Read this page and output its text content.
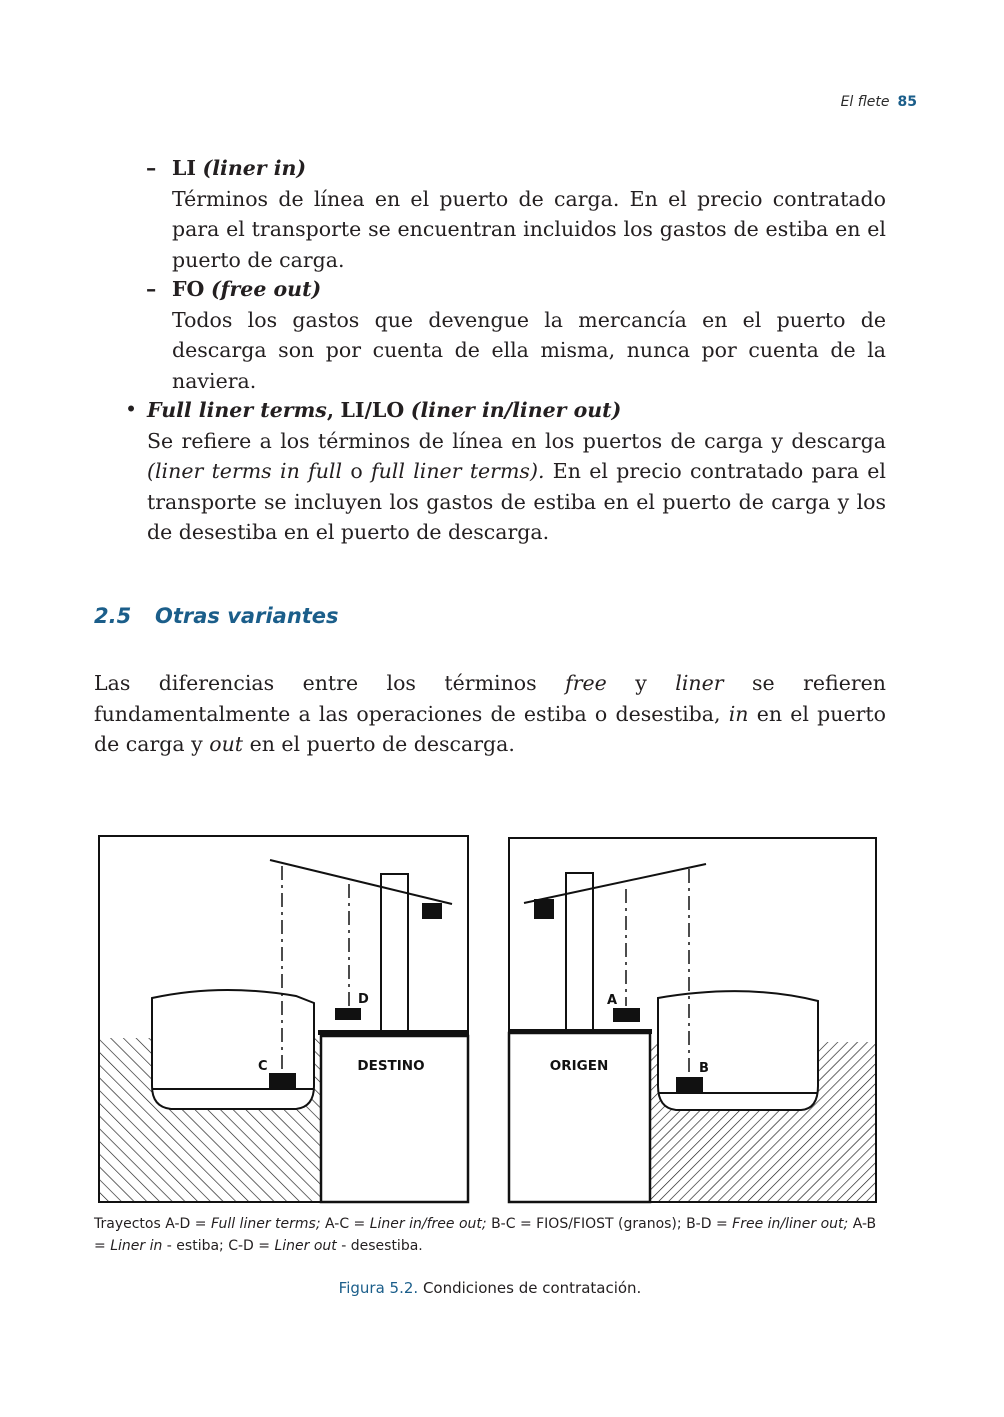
El flete 85
– LI (liner in)
Términos de línea en el puerto de carga. En el precio contratado para el transporte se encuentran incluidos los gastos de estiba en el puerto de carga.
– FO (free out)
Todos los gastos que devengue la mercancía en el puerto de descarga son por cuenta de ella misma, nunca por cuenta de la naviera.
• Full liner terms, LI/LO (liner in/liner out)
Se refiere a los términos de línea en los puertos de carga y descarga (liner terms in full o full liner terms). En el precio contratado para el transporte se incluyen los gastos de estiba en el puerto de carga y los de desestiba en el puerto de descarga.
2.5 Otras variantes
Las diferencias entre los términos free y liner se refieren fundamentalmente a las operaciones de estiba o desestiba, in en el puerto de carga y out en el puerto de descarga.
C
D
DESTINO
A
B
ORIGEN
Trayectos A-D = Full liner terms; A-C = Liner in/free out; B-C = FIOS/FIOST (granos); B-D = Free in/liner out; A-B = Liner in - estiba; C-D = Liner out - desestiba.
Figura 5.2. Condiciones de contratación.
